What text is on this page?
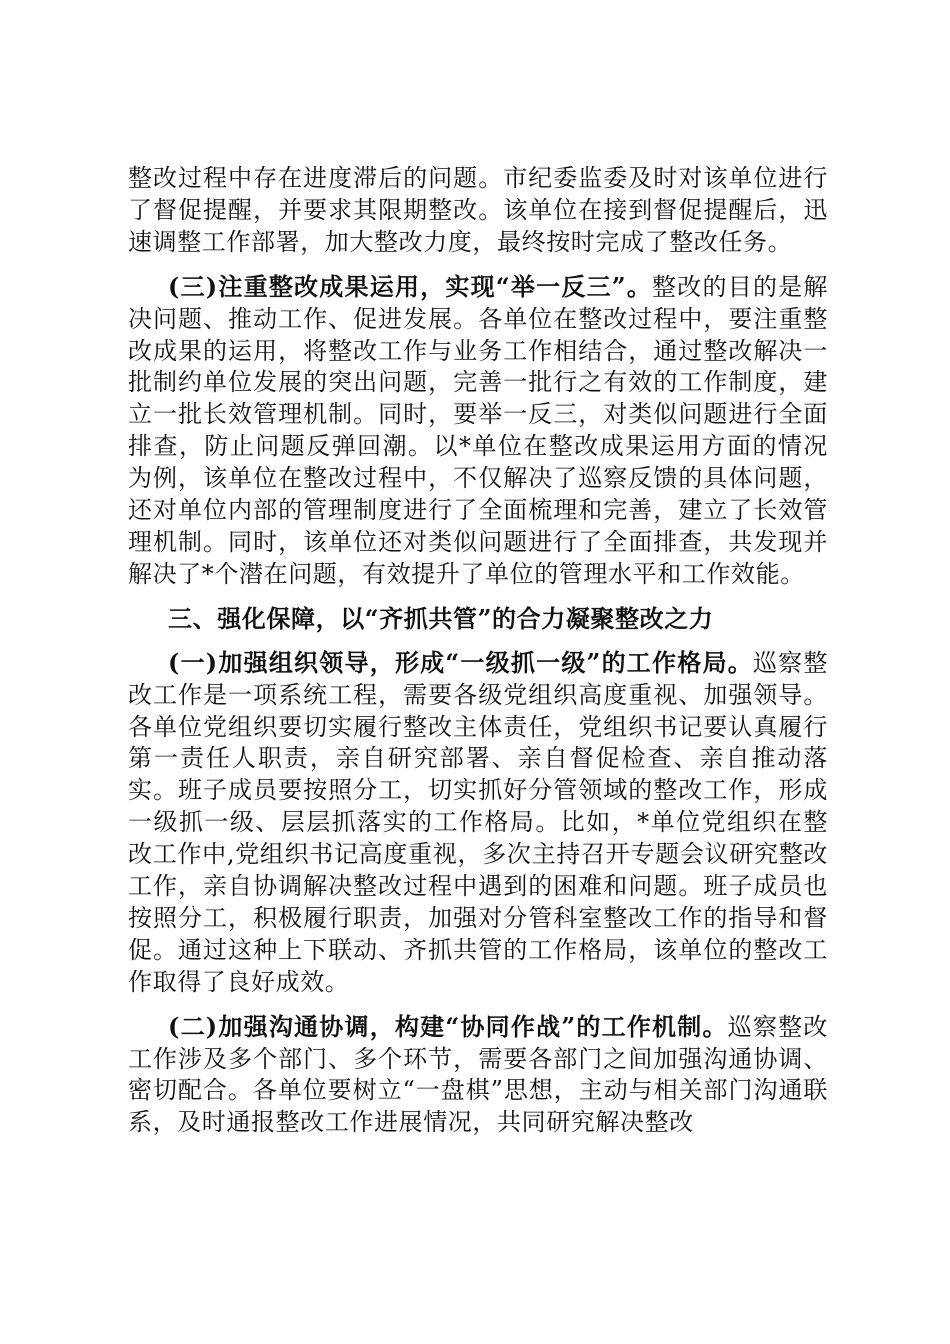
整改过程中存在进度滞后的问题。市纪委监委及时对该单位进行了督促提醒，并要求其限期整改。该单位在接到督促提醒后，迅速调整工作部署，加大整改力度，最终按时完成了整改任务。

(三)注重整改成果运用，实现“举一反三”。整改的目的是解决问题、推动工作、促进发展。各单位在整改过程中，要注重整改成果的运用，将整改工作与业务工作相结合，通过整改解决一批制约单位发展的突出问题，完善一批行之有效的工作制度，建立一批长效管理机制。同时，要举一反三，对类似问题进行全面排查，防止问题反弹回潮。以*单位在整改成果运用方面的情况为例，该单位在整改过程中，不仅解决了巡察反馈的具体问题，还对单位内部的管理制度进行了全面梳理和完善，建立了长效管理机制。同时，该单位还对类似问题进行了全面排查，共发现并解决了*个潜在问题，有效提升了单位的管理水平和工作效能。

三、强化保障，以“齐抓共管”的合力凝聚整改之力

(一)加强组织领导，形成“一级抓一级”的工作格局。巡察整改工作是一项系统工程，需要各级党组织高度重视、加强领导。各单位党组织要切实履行整改主体责任，党组织书记要认真履行第一责任人职责，亲自研究部署、亲自督促检查、亲自推动落实。班子成员要按照分工，切实抓好分管领域的整改工作，形成一级抓一级、层层抓落实的工作格局。比如，*单位党组织在整改工作中,党组织书记高度重视，多次主持召开专题会议研究整改工作，亲自协调解决整改过程中遇到的困难和问题。班子成员也按照分工，积极履行职责，加强对分管科室整改工作的指导和督促。通过这种上下联动、齐抓共管的工作格局，该单位的整改工作取得了良好成效。

(二)加强沟通协调，构建“协同作战”的工作机制。巡察整改工作涉及多个部门、多个环节，需要各部门之间加强沟通协调、密切配合。各单位要树立“一盘棋”思想，主动与相关部门沟通联系，及时通报整改工作进展情况，共同研究解决整改
